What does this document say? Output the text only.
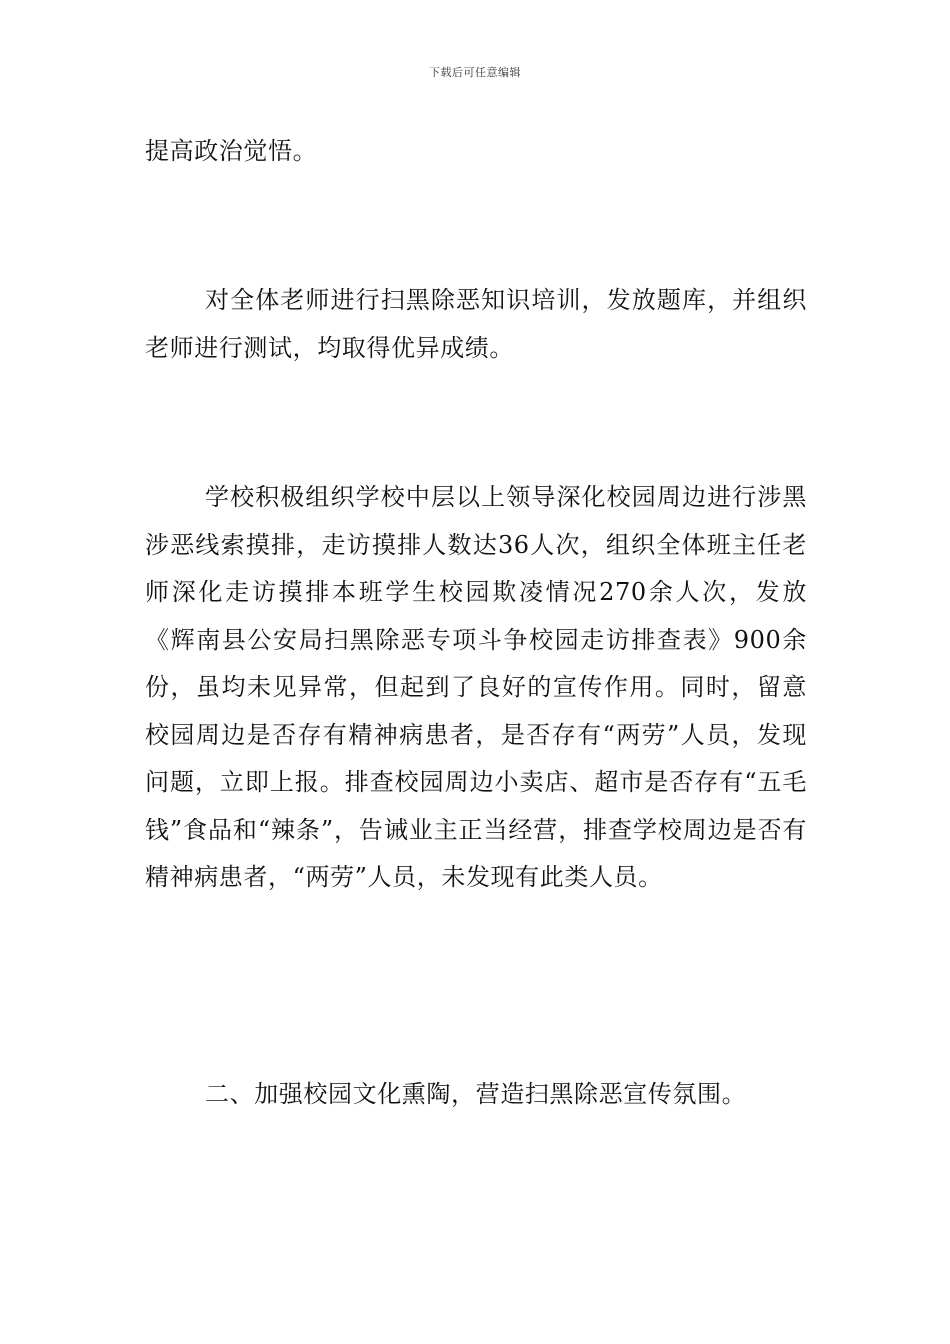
下载后可任意编辑

提高政治觉悟。

对全体老师进行扫黑除恶知识培训，发放题库，并组织老师进行测试，均取得优异成绩。

学校积极组织学校中层以上领导深化校园周边进行涉黑涉恶线索摸排，走访摸排人数达36人次，组织全体班主任老师深化走访摸排本班学生校园欺凌情况270余人次，发放《辉南县公安局扫黑除恶专项斗争校园走访排查表》900余份，虽均未见异常，但起到了良好的宣传作用。同时，留意校园周边是否存有精神病患者，是否存有“两劳”人员，发现问题，立即上报。排查校园周边小卖店、超市是否存有“五毛钱”食品和“辣条”，告诫业主正当经营，排查学校周边是否有精神病患者，“两劳”人员，未发现有此类人员。

二、加强校园文化熏陶，营造扫黑除恶宣传氛围。
